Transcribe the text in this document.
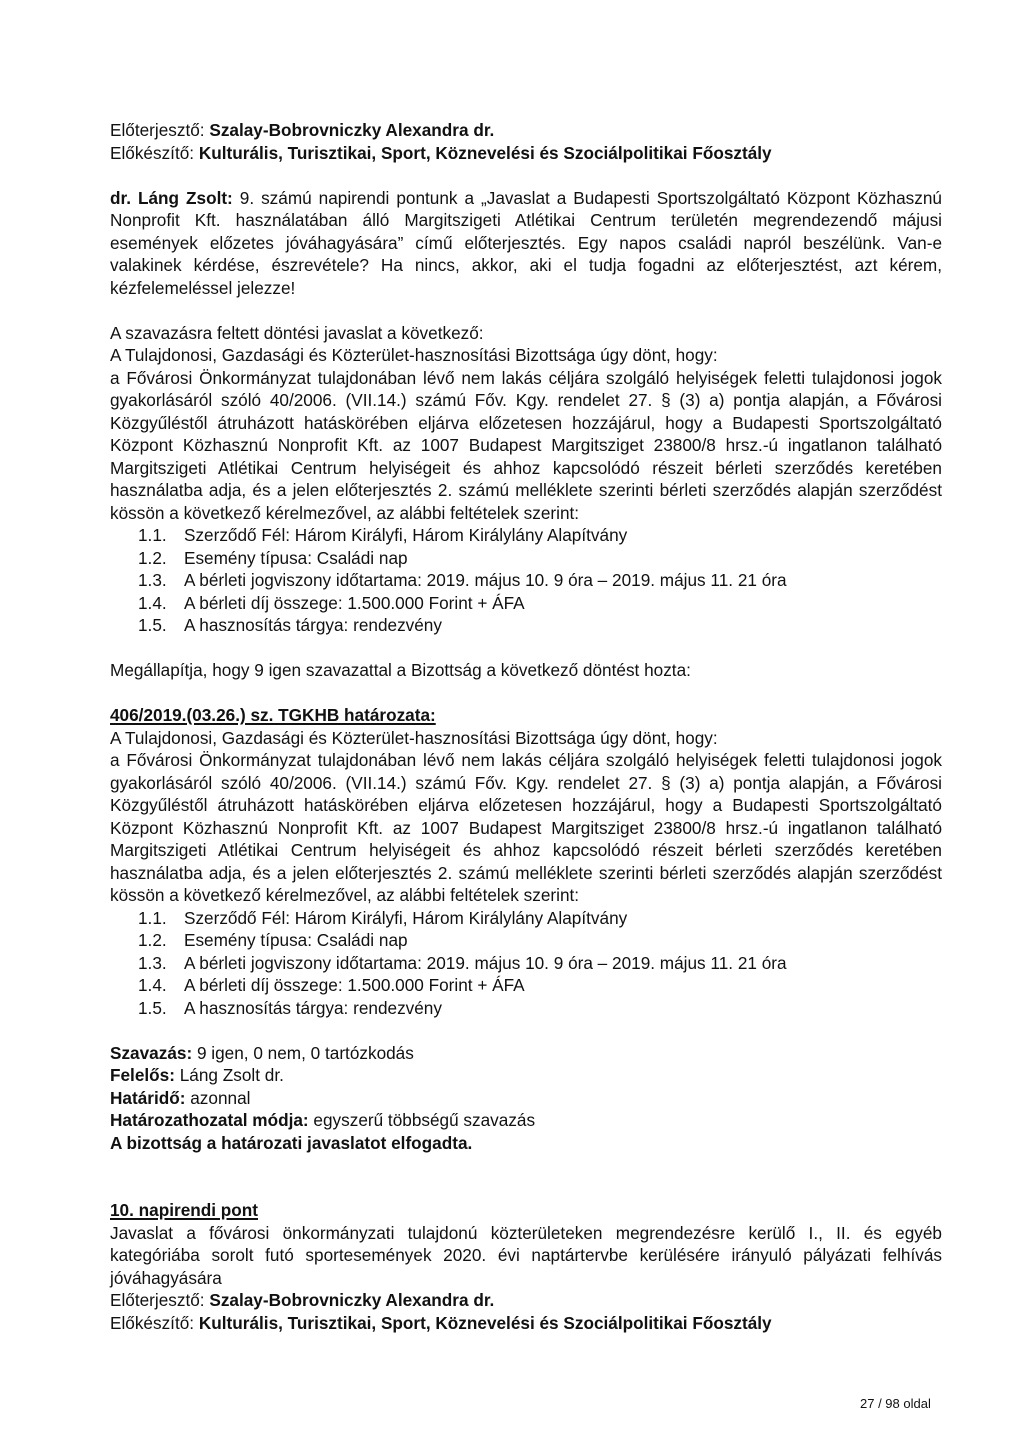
Előterjesztő: Szalay-Bobrovniczky Alexandra dr.
Előkészítő: Kulturális, Turisztikai, Sport, Köznevelési és Szociálpolitikai Főosztály
dr. Láng Zsolt: 9. számú napirendi pontunk a „Javaslat a Budapesti Sportszolgáltató Központ Közhasznú Nonprofit Kft. használatában álló Margitszigeti Atlétikai Centrum területén megrendezendő májusi események előzetes jóváhagyására” című előterjesztés. Egy napos családi napról beszélünk. Van-e valakinek kérdése, észrevétele? Ha nincs, akkor, aki el tudja fogadni az előterjesztést, azt kérem, kézfelemeléssel jelezze!
A szavazásra feltett döntési javaslat a következő:
A Tulajdonosi, Gazdasági és Közterület-hasznosítási Bizottsága úgy dönt, hogy:
a Fővárosi Önkormányzat tulajdonában lévő nem lakás céljára szolgáló helyiségek feletti tulajdonosi jogok gyakorlásáról szóló 40/2006. (VII.14.) számú Főv. Kgy. rendelet 27. § (3) a) pontja alapján, a Fővárosi Közgyűléstől átruházott hatáskörében eljárva előzetesen hozzájárul, hogy a Budapesti Sportszolgáltató Központ Közhasznú Nonprofit Kft. az 1007 Budapest Margitsziget 23800/8 hrsz.-ú ingatlanon található Margitszigeti Atlétikai Centrum helyiségeit és ahhoz kapcsolódó részeit bérleti szerződés keretében használatba adja, és a jelen előterjesztés 2. számú melléklete szerinti bérleti szerződés alapján szerződést kössön a következő kérelmezővel, az alábbi feltételek szerint:
1.1.	Szerződő Fél: Három Királyfi, Három Királylány Alapítvány
1.2.	Esemény típusa: Családi nap
1.3.	A bérleti jogviszony időtartama: 2019. május 10. 9 óra – 2019. május 11. 21 óra
1.4.	A bérleti díj összege: 1.500.000 Forint + ÁFA
1.5.	A hasznosítás tárgya: rendezvény
Megállapítja, hogy 9 igen szavazattal a Bizottság a következő döntést hozta:
406/2019.(03.26.) sz. TGKHB határozata:
A Tulajdonosi, Gazdasági és Közterület-hasznosítási Bizottsága úgy dönt, hogy:
a Fővárosi Önkormányzat tulajdonában lévő nem lakás céljára szolgáló helyiségek feletti tulajdonosi jogok gyakorlásáról szóló 40/2006. (VII.14.) számú Főv. Kgy. rendelet 27. § (3) a) pontja alapján, a Fővárosi Közgyűléstől átruházott hatáskörében eljárva előzetesen hozzájárul, hogy a Budapesti Sportszolgáltató Központ Közhasznú Nonprofit Kft. az 1007 Budapest Margitsziget 23800/8 hrsz.-ú ingatlanon található Margitszigeti Atlétikai Centrum helyiségeit és ahhoz kapcsolódó részeit bérleti szerződés keretében használatba adja, és a jelen előterjesztés 2. számú melléklete szerinti bérleti szerződés alapján szerződést kössön a következő kérelmezővel, az alábbi feltételek szerint:
1.1.	Szerződő Fél: Három Királyfi, Három Királylány Alapítvány
1.2.	Esemény típusa: Családi nap
1.3.	A bérleti jogviszony időtartama: 2019. május 10. 9 óra – 2019. május 11. 21 óra
1.4.	A bérleti díj összege: 1.500.000 Forint + ÁFA
1.5.	A hasznosítás tárgya: rendezvény
Szavazás: 9 igen, 0 nem, 0 tartózkodás
Felelős: Láng Zsolt dr.
Határidő: azonnal
Határozathozatal módja: egyszerű többségű szavazás
A bizottság a határozati javaslatot elfogadta.
10. napirendi pont
Javaslat a fővárosi önkormányzati tulajdonú közterületeken megrendezésre kerülő I., II. és egyéb kategóriába sorolt futó sportesemények 2020. évi naptártervbe kerülésére irányuló pályázati felhívás jóváhagyására
Előterjesztő: Szalay-Bobrovniczky Alexandra dr.
Előkészítő: Kulturális, Turisztikai, Sport, Köznevelési és Szociálpolitikai Főosztály
27 / 98 oldal
